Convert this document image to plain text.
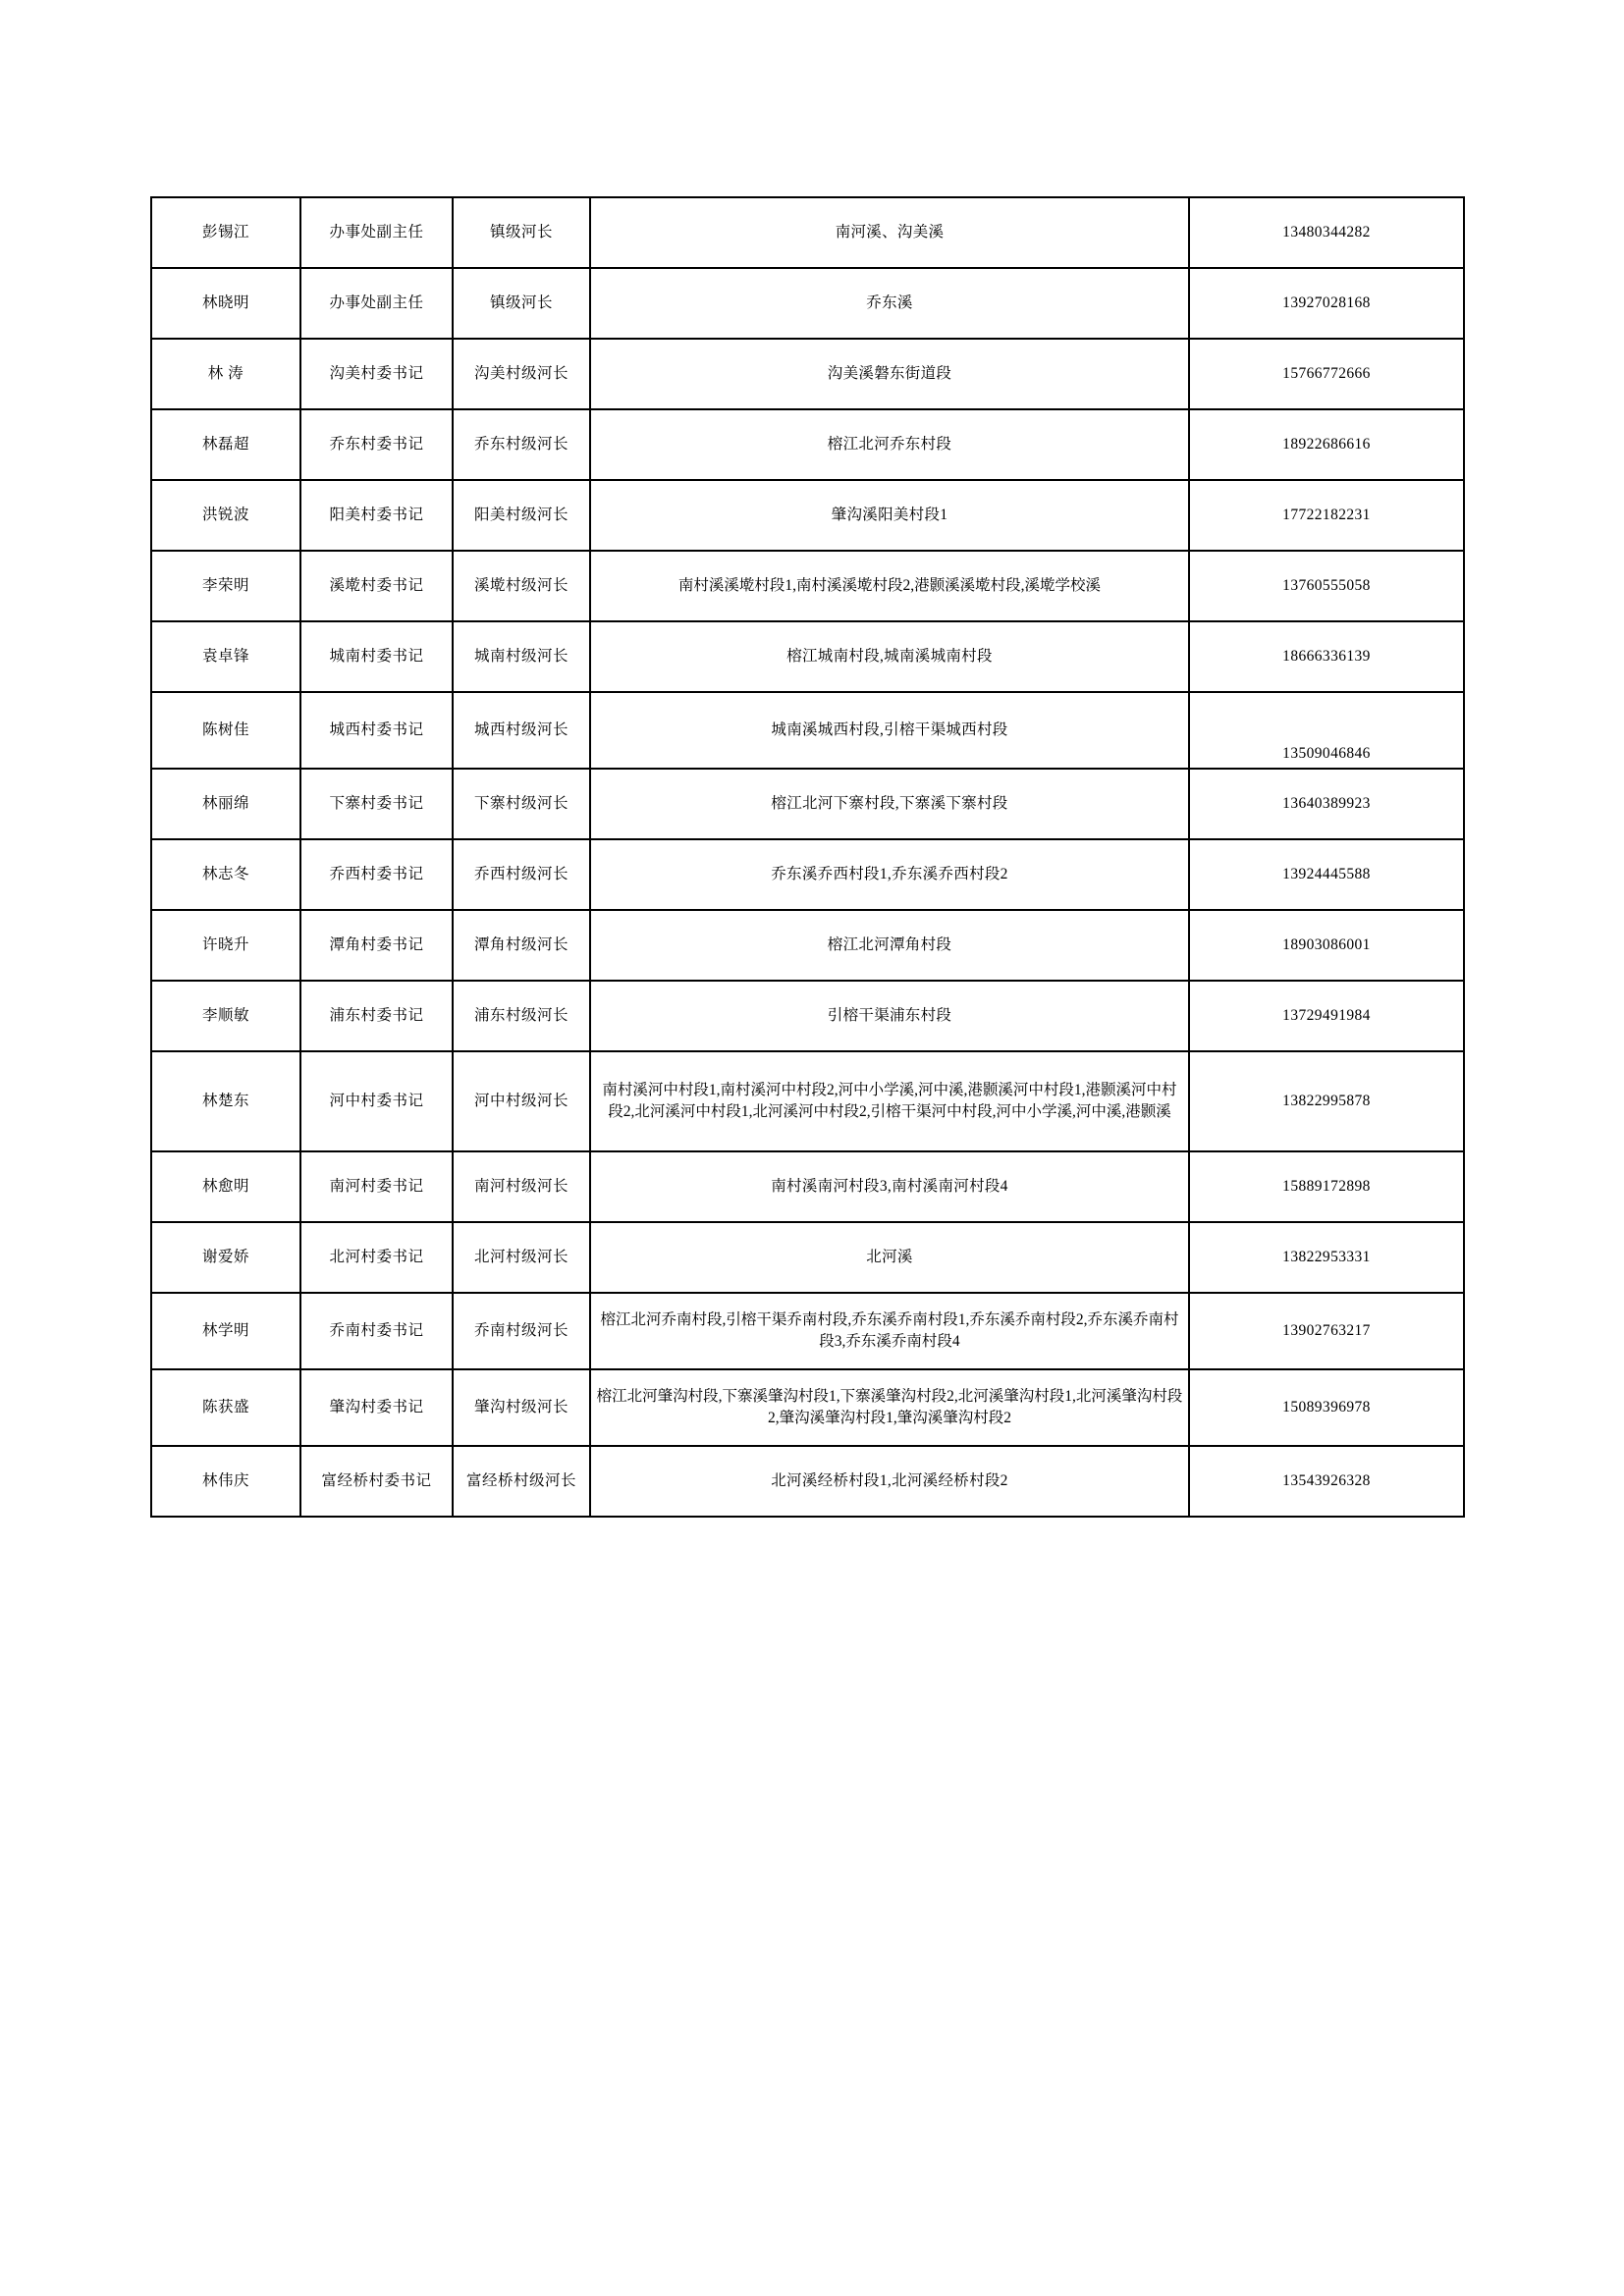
彭锡江	办事处副主任	镇级河长	南河溪、沟美溪	13480344282
林晓明	办事处副主任	镇级河长	乔东溪	13927028168
林 涛	沟美村委书记	沟美村级河长	沟美溪磐东街道段	15766772666
林磊超	乔东村委书记	乔东村级河长	榕江北河乔东村段	18922686616
洪锐波	阳美村委书记	阳美村级河长	肇沟溪阳美村段1	17722182231
李荣明	溪墘村委书记	溪墘村级河长	南村溪溪墘村段1,南村溪溪墘村段2,港颢溪溪墘村段,溪墘学校溪	13760555058
袁卓锋	城南村委书记	城南村级河长	榕江城南村段,城南溪城南村段	18666336139
陈树佳	城西村委书记	城西村级河长	城南溪城西村段,引榕干渠城西村段	13509046846
林丽绵	下寨村委书记	下寨村级河长	榕江北河下寨村段,下寨溪下寨村段	13640389923
林志冬	乔西村委书记	乔西村级河长	乔东溪乔西村段1,乔东溪乔西村段2	13924445588
许晓升	潭角村委书记	潭角村级河长	榕江北河潭角村段	18903086001
李顺敏	浦东村委书记	浦东村级河长	引榕干渠浦东村段	13729491984
林楚东	河中村委书记	河中村级河长	南村溪河中村段1,南村溪河中村段2,河中小学溪,河中溪,港颢溪河中村段1,港颢溪河中村段2,北河溪河中村段1,北河溪河中村段2,引榕干渠河中村段,河中小学溪,河中溪,港颢溪	13822995878
林愈明	南河村委书记	南河村级河长	南村溪南河村段3,南村溪南河村段4	15889172898
谢爱娇	北河村委书记	北河村级河长	北河溪	13822953331
林学明	乔南村委书记	乔南村级河长	榕江北河乔南村段,引榕干渠乔南村段,乔东溪乔南村段1,乔东溪乔南村段2,乔东溪乔南村段3,乔东溪乔南村段4	13902763217
陈获盛	肇沟村委书记	肇沟村级河长	榕江北河肇沟村段,下寨溪肇沟村段1,下寨溪肇沟村段2,北河溪肇沟村段1,北河溪肇沟村段2,肇沟溪肇沟村段1,肇沟溪肇沟村段2	15089396978
林伟庆	富经桥村委书记	富经桥村级河长	北河溪经桥村段1,北河溪经桥村段2	13543926328
